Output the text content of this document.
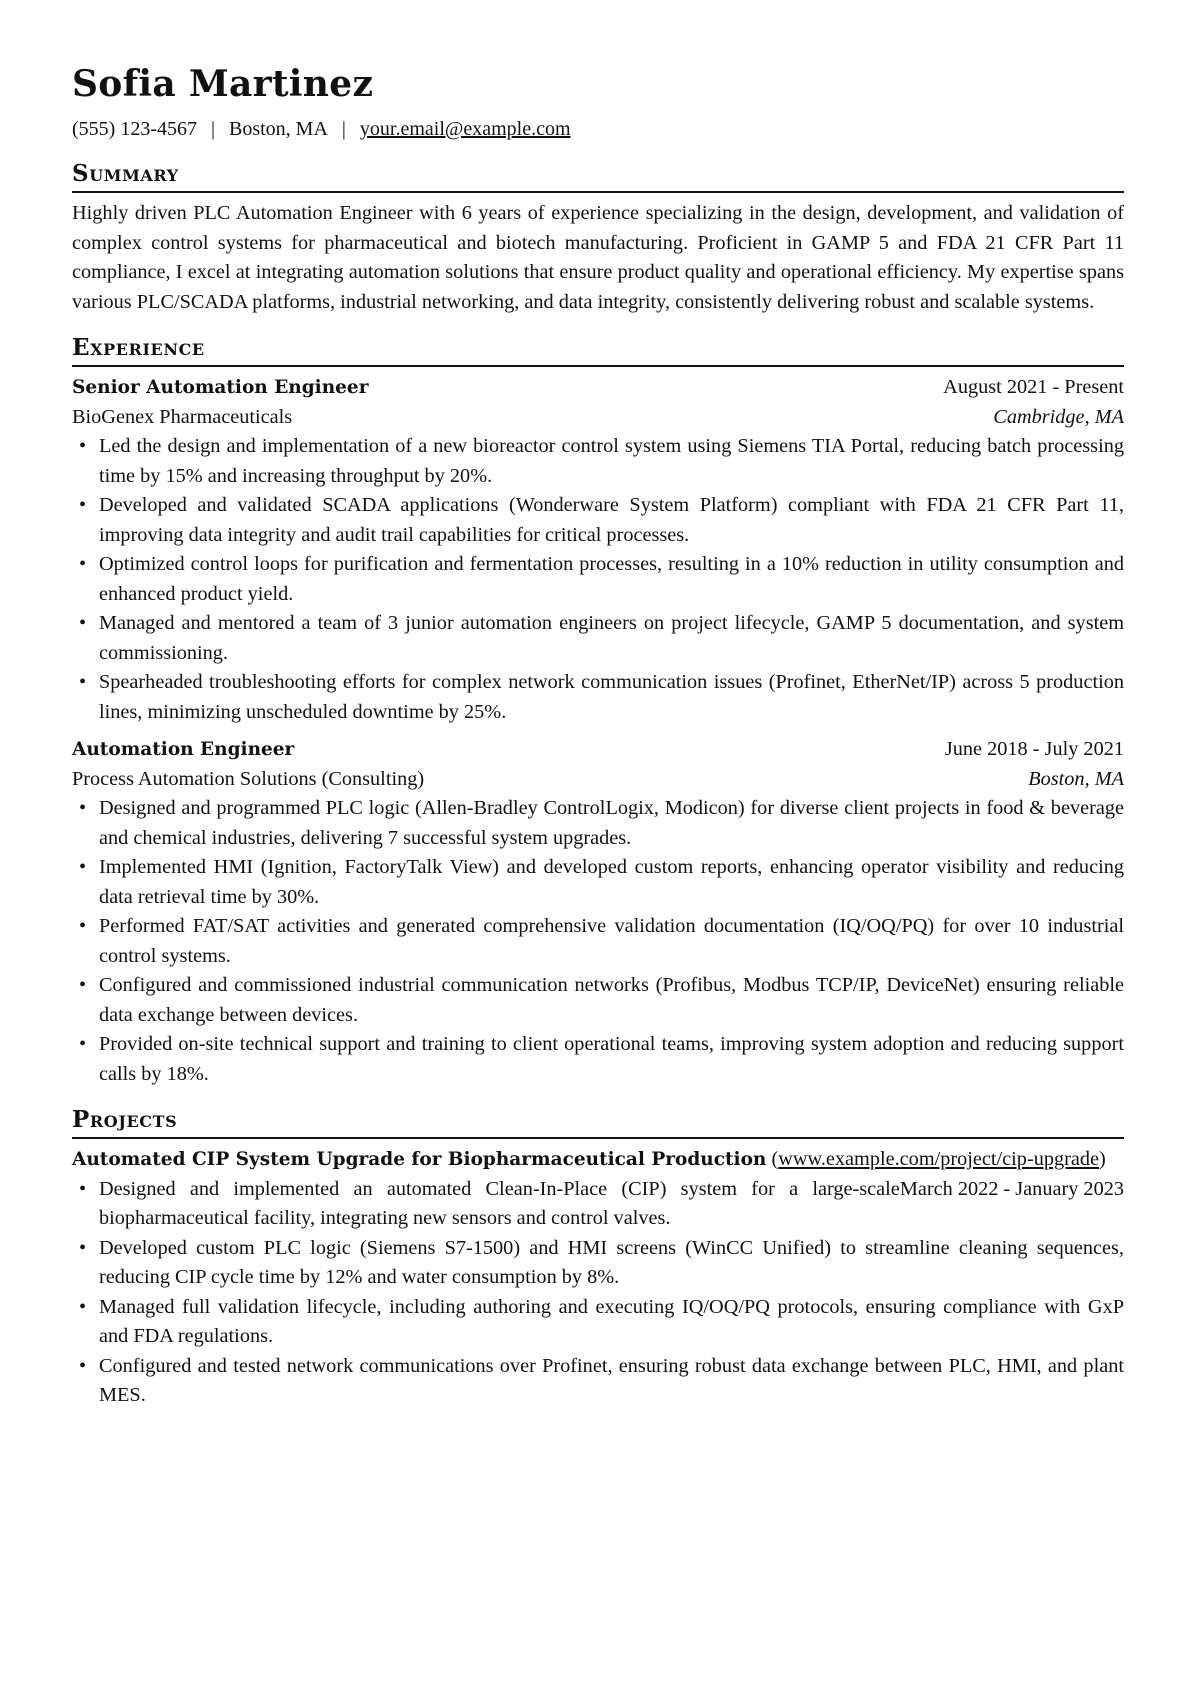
Sofia Martinez
(555) 123-4567 | Boston, MA | your.email@example.com
Summary
Highly driven PLC Automation Engineer with 6 years of experience specializing in the design, development, and validation of complex control systems for pharmaceutical and biotech manufacturing. Proficient in GAMP 5 and FDA 21 CFR Part 11 compliance, I excel at integrating automation solutions that ensure product quality and operational efficiency. My expertise spans various PLC/SCADA platforms, industrial networking, and data integrity, consistently delivering robust and scalable systems.
Experience
Senior Automation Engineer	August 2021 - Present
BioGenex Pharmaceuticals	Cambridge, MA
• Led the design and implementation of a new bioreactor control system using Siemens TIA Portal, reducing batch processing time by 15% and increasing throughput by 20%.
• Developed and validated SCADA applications (Wonderware System Platform) compliant with FDA 21 CFR Part 11, improving data integrity and audit trail capabilities for critical processes.
• Optimized control loops for purification and fermentation processes, resulting in a 10% reduction in utility consumption and enhanced product yield.
• Managed and mentored a team of 3 junior automation engineers on project lifecycle, GAMP 5 documentation, and system commissioning.
• Spearheaded troubleshooting efforts for complex network communication issues (Profinet, EtherNet/IP) across 5 production lines, minimizing unscheduled downtime by 25%.
Automation Engineer	June 2018 - July 2021
Process Automation Solutions (Consulting)	Boston, MA
• Designed and programmed PLC logic (Allen-Bradley ControlLogix, Modicon) for diverse client projects in food & beverage and chemical industries, delivering 7 successful system upgrades.
• Implemented HMI (Ignition, FactoryTalk View) and developed custom reports, enhancing operator visibility and reducing data retrieval time by 30%.
• Performed FAT/SAT activities and generated comprehensive validation documentation (IQ/OQ/PQ) for over 10 industrial control systems.
• Configured and commissioned industrial communication networks (Profibus, Modbus TCP/IP, DeviceNet) ensuring reliable data exchange between devices.
• Provided on-site technical support and training to client operational teams, improving system adoption and reducing support calls by 18%.
Projects
Automated CIP System Upgrade for Biopharmaceutical Production (www.example.com/project/cip-upgrade)
March 2022 - January 2023
• Designed and implemented an automated Clean-In-Place (CIP) system for a large-scale biopharmaceutical facility, integrating new sensors and control valves.
• Developed custom PLC logic (Siemens S7-1500) and HMI screens (WinCC Unified) to streamline cleaning sequences, reducing CIP cycle time by 12% and water consumption by 8%.
• Managed full validation lifecycle, including authoring and executing IQ/OQ/PQ protocols, ensuring compliance with GxP and FDA regulations.
• Configured and tested network communications over Profinet, ensuring robust data exchange between PLC, HMI, and plant MES.
